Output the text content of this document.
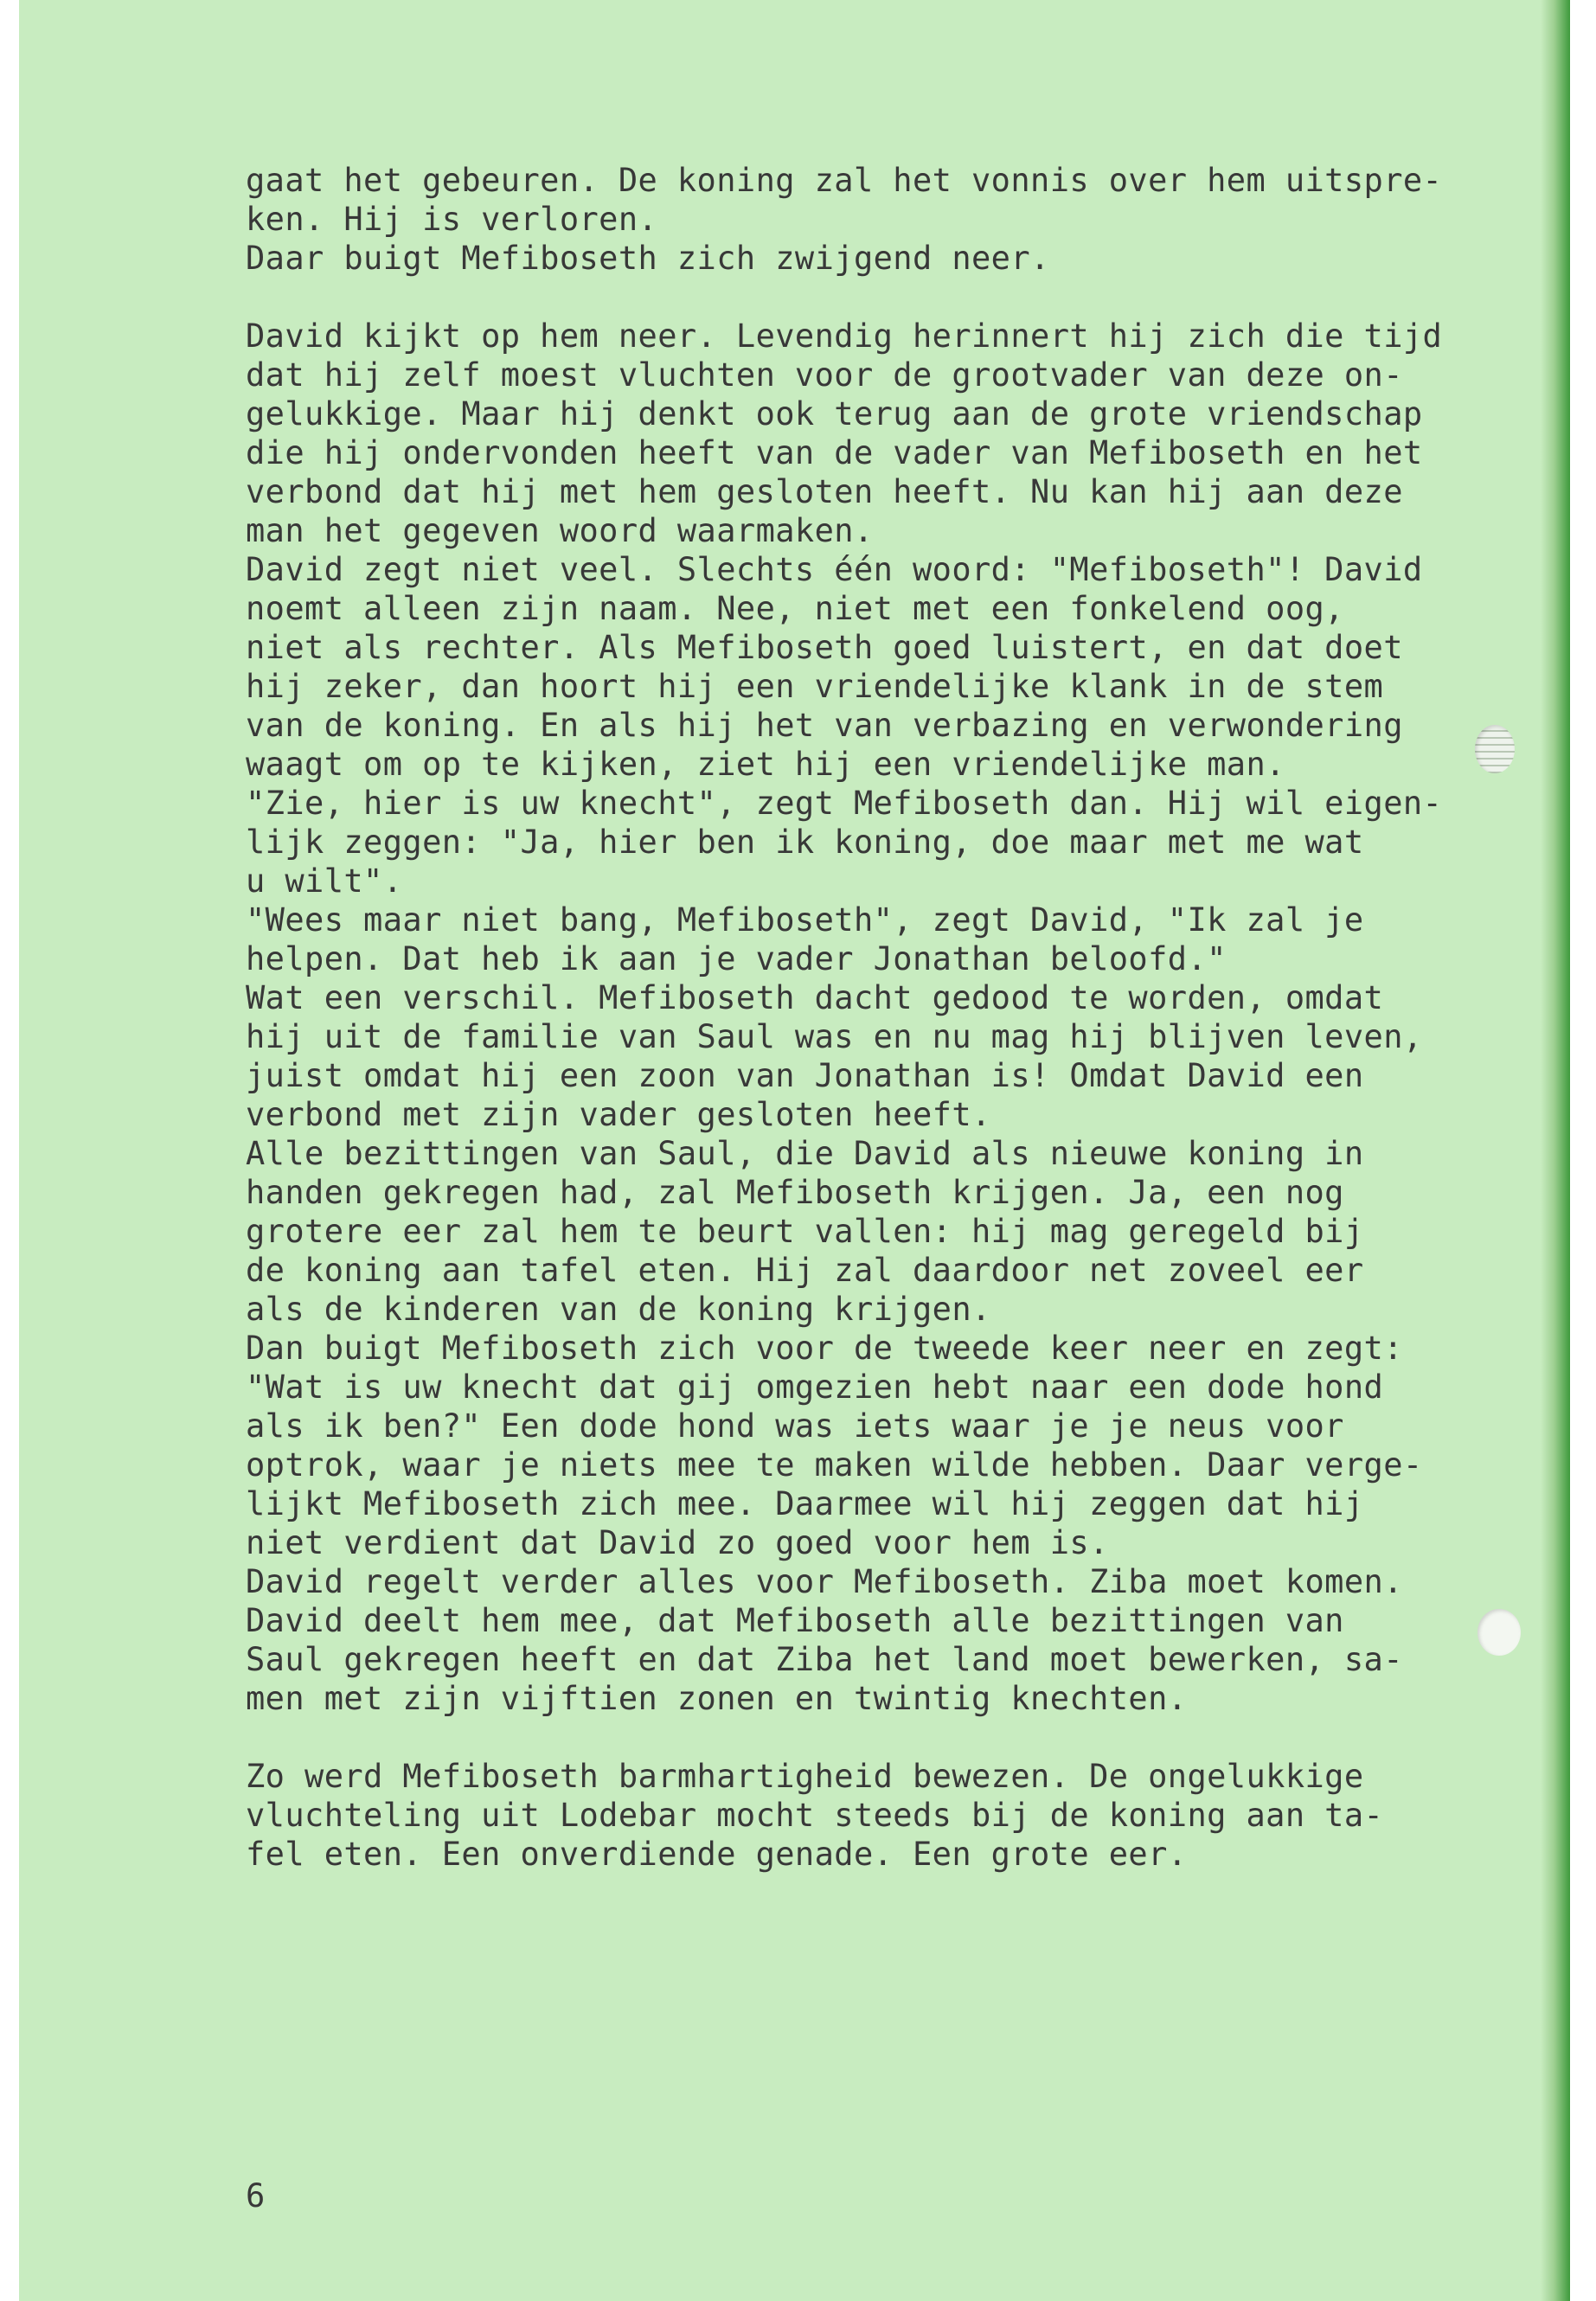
gaat het gebeuren. De koning zal het vonnis over hem uitspre-

ken. Hij is verloren.

Daar buigt Mefiboseth zich zwijgend neer.

David kijkt op hem neer. Levendig herinnert hij zich die tijd

dat hij zelf moest vluchten voor de grootvader van deze on-

gelukkige. Maar hij denkt ook terug aan de grote vriendschap

die hij ondervonden heeft van de vader van Mefiboseth en het

verbond dat hij met hem gesloten heeft. Nu kan hij aan deze

man het gegeven woord waarmaken.

David zegt niet veel. Slechts één woord: "Mefiboseth"! David

noemt alleen zijn naam. Nee, niet met een fonkelend oog,

niet als rechter. Als Mefiboseth goed luistert, en dat doet

hij zeker, dan hoort hij een vriendelijke klank in de stem

van de koning. En als hij het van verbazing en verwondering

waagt om op te kijken, ziet hij een vriendelijke man.

"Zie, hier is uw knecht", zegt Mefiboseth dan. Hij wil eigen-

lijk zeggen: "Ja, hier ben ik koning, doe maar met me wat

u wilt".

"Wees maar niet bang, Mefiboseth", zegt David, "Ik zal je

helpen. Dat heb ik aan je vader Jonathan beloofd."

Wat een verschil. Mefiboseth dacht gedood te worden, omdat

hij uit de familie van Saul was en nu mag hij blijven leven,

juist omdat hij een zoon van Jonathan is! Omdat David een

verbond met zijn vader gesloten heeft.

Alle bezittingen van Saul, die David als nieuwe koning in

handen gekregen had, zal Mefiboseth krijgen. Ja, een nog

grotere eer zal hem te beurt vallen: hij mag geregeld bij

de koning aan tafel eten. Hij zal daardoor net zoveel eer

als de kinderen van de koning krijgen.

Dan buigt Mefiboseth zich voor de tweede keer neer en zegt:

"Wat is uw knecht dat gij omgezien hebt naar een dode hond

als ik ben?" Een dode hond was iets waar je je neus voor

optrok, waar je niets mee te maken wilde hebben. Daar verge-

lijkt Mefiboseth zich mee. Daarmee wil hij zeggen dat hij

niet verdient dat David zo goed voor hem is.

David regelt verder alles voor Mefiboseth. Ziba moet komen.

David deelt hem mee, dat Mefiboseth alle bezittingen van

Saul gekregen heeft en dat Ziba het land moet bewerken, sa-

men met zijn vijftien zonen en twintig knechten.

Zo werd Mefiboseth barmhartigheid bewezen. De ongelukkige

vluchteling uit Lodebar mocht steeds bij de koning aan ta-

fel eten. Een onverdiende genade. Een grote eer.

6
